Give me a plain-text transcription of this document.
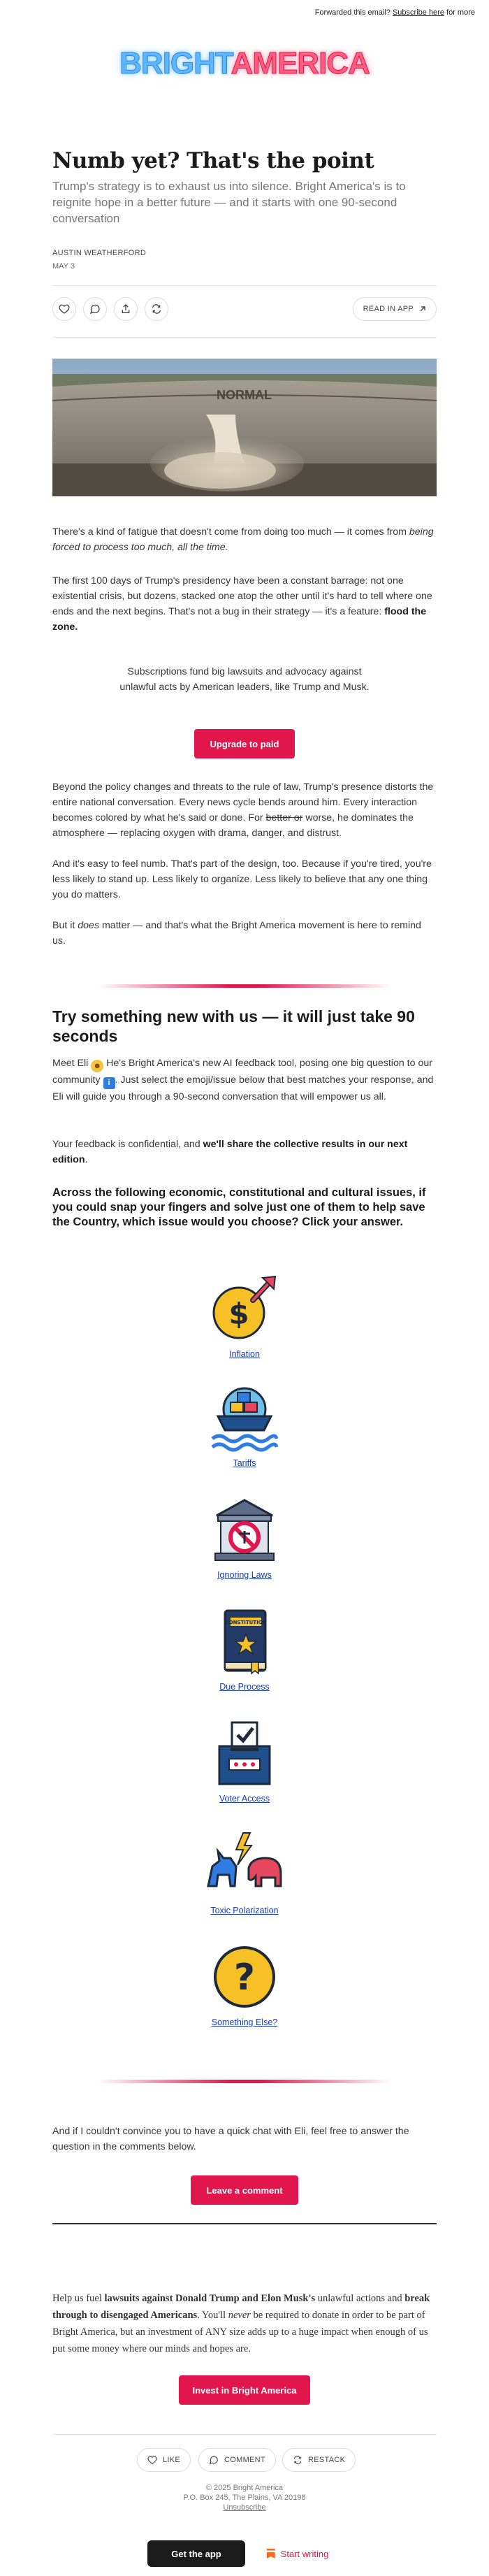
Forwarded this email? Subscribe here for more
BRIGHTAMERICA
Numb yet? That's the point
Trump's strategy is to exhaust us into silence. Bright America's is to reignite hope in a better future — and it starts with one 90-second conversation
AUSTIN WEATHERFORD
MAY 3
READ IN APP
NORMAL
There's a kind of fatigue that doesn't come from doing too much — it comes from being forced to process too much, all the time.
The first 100 days of Trump's presidency have been a constant barrage: not one existential crisis, but dozens, stacked one atop the other until it's hard to tell where one ends and the next begins. That's not a bug in their strategy — it's a feature: flood the zone.
Subscriptions fund big lawsuits and advocacy against unlawful acts by American leaders, like Trump and Musk.
Upgrade to paid
Beyond the policy changes and threats to the rule of law, Trump's presence distorts the entire national conversation. Every news cycle bends around him. Every interaction becomes colored by what he's said or done. For better or worse, he dominates the atmosphere — replacing oxygen with drama, danger, and distrust.
And it's easy to feel numb. That's part of the design, too. Because if you're tired, you're less likely to stand up. Less likely to organize. Less likely to believe that any one thing you do matters.
But it does matter — and that's what the Bright America movement is here to remind us.
Try something new with us — it will just take 90 seconds
Meet Eli ☻ He's Bright America's new AI feedback tool, posing one big question to our community i . Just select the emoji/issue below that best matches your response, and Eli will guide you through a 90-second conversation that will empower us all.
Your feedback is confidential, and we'll share the collective results in our next edition.
Across the following economic, constitutional and cultural issues, if you could snap your fingers and solve just one of them to help save the Country, which issue would you choose? Click your answer.
$
Inflation
Tariffs
Ignoring Laws
CONSTITUTION
Due Process
Voter Access
Toxic Polarization
?
Something Else?
And if I couldn't convince you to have a quick chat with Eli, feel free to answer the question in the comments below.
Leave a comment
Help us fuel lawsuits against Donald Trump and Elon Musk's unlawful actions and break through to disengaged Americans. You'll never be required to donate in order to be part of Bright America, but an investment of ANY size adds up to a huge impact when enough of us put some money where our minds and hopes are.
Invest in Bright America
LIKE	COMMENT	RESTACK
© 2025 Bright America
P.O. Box 245, The Plains, VA 20198
Unsubscribe
Get the app	Start writing
